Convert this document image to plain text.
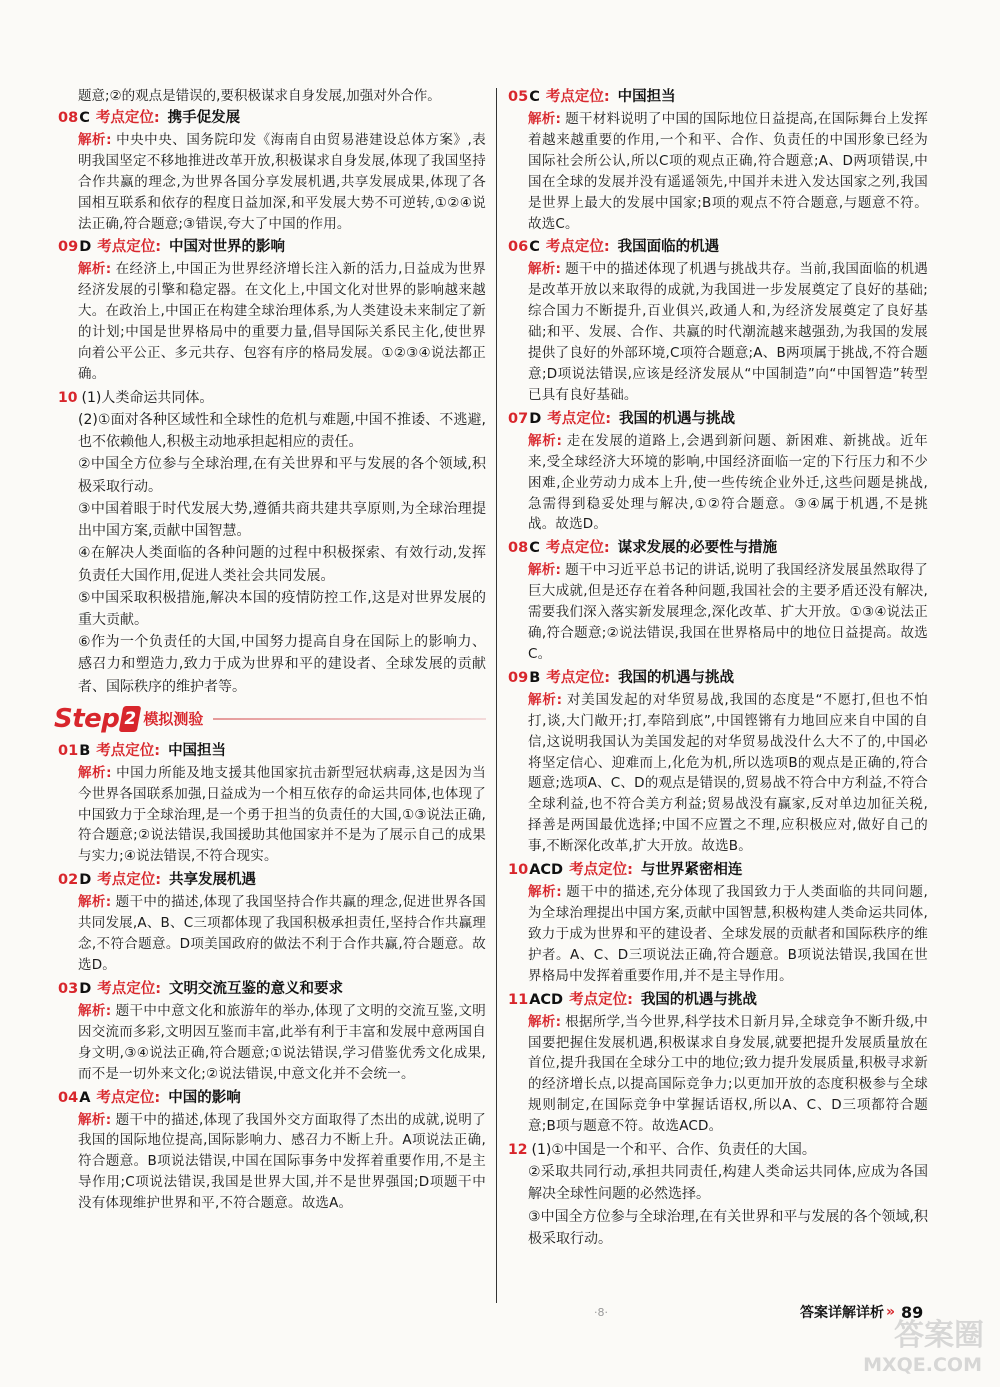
题意;②的观点是错误的,要积极谋求自身发展,加强对外合作。
08C 考点定位: 携手促发展
解析: 中央中央、国务院印发《海南自由贸易港建设总体方案》,表明我国坚定不移地推进改革开放,积极谋求自身发展,体现了我国坚持合作共赢的理念,为世界各国分享发展机遇,共享发展成果,体现了各国相互联系和依存的程度日益加深,和平发展大势不可逆转,①②④说法正确,符合题意;③错误,夸大了中国的作用。
09D 考点定位: 中国对世界的影响
解析: 在经济上,中国正为世界经济增长注入新的活力,日益成为世界经济发展的引擎和稳定器。在文化上,中国文化对世界的影响越来越大。在政治上,中国正在构建全球治理体系,为人类建设未来制定了新的计划;中国是世界格局中的重要力量,倡导国际关系民主化,使世界向着公平公正、多元共存、包容有序的格局发展。①②③④说法都正确。
10 (1)人类命运共同体。
(2)①面对各种区域性和全球性的危机与难题,中国不推诿、不逃避,也不依赖他人,积极主动地承担起相应的责任。
②中国全方位参与全球治理,在有关世界和平与发展的各个领域,积极采取行动。
③中国着眼于时代发展大势,遵循共商共建共享原则,为全球治理提出中国方案,贡献中国智慧。
④在解决人类面临的各种问题的过程中积极探索、有效行动,发挥负责任大国作用,促进人类社会共同发展。
⑤中国采取积极措施,解决本国的疫情防控工作,这是对世界发展的重大贡献。
⑥作为一个负责任的大国,中国努力提高自身在国际上的影响力、感召力和塑造力,致力于成为世界和平的建设者、全球发展的贡献者、国际秩序的维护者等。
Step 2 模拟测验
01B 考点定位: 中国担当
解析: 中国力所能及地支援其他国家抗击新型冠状病毒,这是因为当今世界各国联系加强,日益成为一个相互依存的命运共同体,也体现了中国致力于全球治理,是一个勇于担当的负责任的大国,①③说法正确,符合题意;②说法错误,我国援助其他国家并不是为了展示自己的成果与实力;④说法错误,不符合现实。
02D 考点定位: 共享发展机遇
解析: 题干中的描述,体现了我国坚持合作共赢的理念,促进世界各国共同发展,A、B、C三项都体现了我国积极承担责任,坚持合作共赢理念,不符合题意。D项美国政府的做法不利于合作共赢,符合题意。故选D。
03D 考点定位: 文明交流互鉴的意义和要求
解析: 题干中中意文化和旅游年的举办,体现了文明的交流互鉴,文明因交流而多彩,文明因互鉴而丰富,此举有利于丰富和发展中意两国自身文明,③④说法正确,符合题意;①说法错误,学习借鉴优秀文化成果,而不是一切外来文化;②说法错误,中意文化并不会统一。
04A 考点定位: 中国的影响
解析: 题干中的描述,体现了我国外交方面取得了杰出的成就,说明了我国的国际地位提高,国际影响力、感召力不断上升。A项说法正确,符合题意。B项说法错误,中国在国际事务中发挥着重要作用,不是主导作用;C项说法错误,我国是世界大国,并不是世界强国;D项题干中没有体现维护世界和平,不符合题意。故选A。
05C 考点定位: 中国担当
解析: 题干材料说明了中国的国际地位日益提高,在国际舞台上发挥着越来越重要的作用,一个和平、合作、负责任的中国形象已经为国际社会所公认,所以C项的观点正确,符合题意;A、D两项错误,中国在全球的发展并没有遥遥领先,中国并未进入发达国家之列,我国是世界上最大的发展中国家;B项的观点不符合题意,与题意不符。故选C。
06C 考点定位: 我国面临的机遇
解析: 题干中的描述体现了机遇与挑战共存。当前,我国面临的机遇是改革开放以来取得的成就,为我国进一步发展奠定了良好的基础;综合国力不断提升,百业俱兴,政通人和,为经济发展奠定了良好基础;和平、发展、合作、共赢的时代潮流越来越强劲,为我国的发展提供了良好的外部环境,C项符合题意;A、B两项属于挑战,不符合题意;D项说法错误,应该是经济发展从“中国制造”向“中国智造”转型已具有良好基础。
07D 考点定位: 我国的机遇与挑战
解析: 走在发展的道路上,会遇到新问题、新困难、新挑战。近年来,受全球经济大环境的影响,中国经济面临一定的下行压力和不少困难,企业劳动力成本上升,使一些传统企业外迁,这些问题是挑战,急需得到稳妥处理与解决,①②符合题意。③④属于机遇,不是挑战。故选D。
08C 考点定位: 谋求发展的必要性与措施
解析: 题干中习近平总书记的讲话,说明了我国经济发展虽然取得了巨大成就,但是还存在着各种问题,我国社会的主要矛盾还没有解决,需要我们深入落实新发展理念,深化改革、扩大开放。①③④说法正确,符合题意;②说法错误,我国在世界格局中的地位日益提高。故选C。
09B 考点定位: 我国的机遇与挑战
解析: 对美国发起的对华贸易战,我国的态度是“不愿打,但也不怕打,谈,大门敞开;打,奉陪到底”,中国铿锵有力地回应来自中国的自信,这说明我国认为美国发起的对华贸易战没什么大不了的,中国必将坚定信心、迎难而上,化危为机,所以选项B的观点是正确的,符合题意;选项A、C、D的观点是错误的,贸易战不符合中方利益,不符合全球利益,也不符合美方利益;贸易战没有赢家,反对单边加征关税,择善是两国最优选择;中国不应置之不理,应积极应对,做好自己的事,不断深化改革,扩大开放。故选B。
10ACD 考点定位: 与世界紧密相连
解析: 题干中的描述,充分体现了我国致力于人类面临的共同问题,为全球治理提出中国方案,贡献中国智慧,积极构建人类命运共同体,致力于成为世界和平的建设者、全球发展的贡献者和国际秩序的维护者。A、C、D三项说法正确,符合题意。B项说法错误,我国在世界格局中发挥着重要作用,并不是主导作用。
11ACD 考点定位: 我国的机遇与挑战
解析: 根据所学,当今世界,科学技术日新月异,全球竞争不断升级,中国要把握住发展机遇,积极谋求自身发展,就要把提升发展质量放在首位,提升我国在全球分工中的地位;致力提升发展质量,积极寻求新的经济增长点,以提高国际竞争力;以更加开放的态度积极参与全球规则制定,在国际竞争中掌握话语权,所以A、C、D三项都符合题意;B项与题意不符。故选ACD。
12 (1)①中国是一个和平、合作、负责任的大国。
②采取共同行动,承担共同责任,构建人类命运共同体,应成为各国解决全球性问题的必然选择。
③中国全方位参与全球治理,在有关世界和平与发展的各个领域,积极采取行动。
·8·	答案详解详析 » 89
答案圈
MXQE.COM
